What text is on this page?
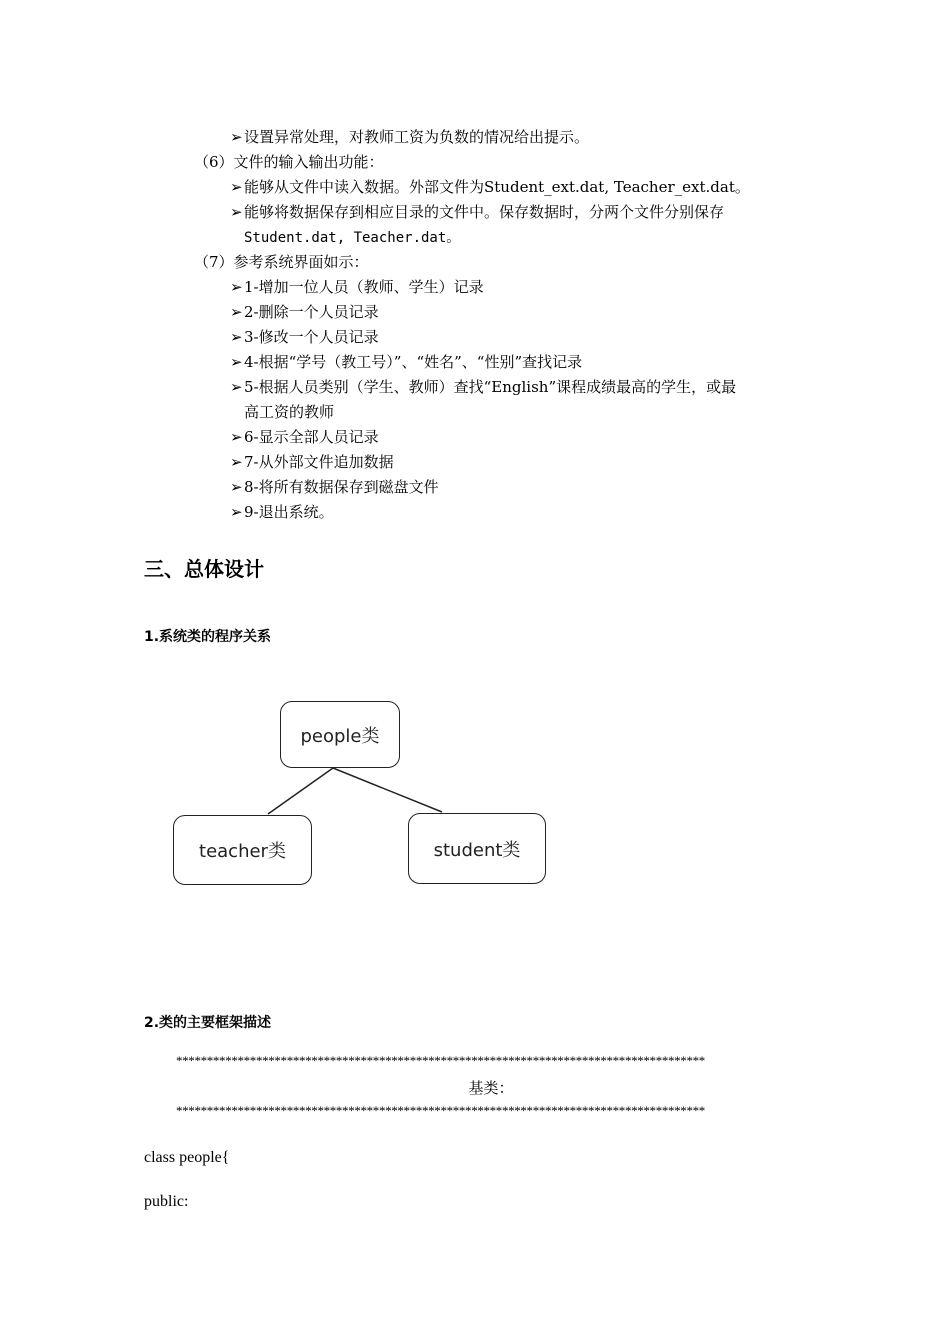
➢设置异常处理，对教师工资为负数的情况给出提示。
（6）文件的输入输出功能：
➢能够从文件中读入数据。外部文件为Student_ext.dat, Teacher_ext.dat。
➢能够将数据保存到相应目录的文件中。保存数据时，分两个文件分别保存
Student.dat, Teacher.dat。
（7）参考系统界面如示：
➢1-增加一位人员（教师、学生）记录
➢2-删除一个人员记录
➢3-修改一个人员记录
➢4-根据“学号（教工号）”、“姓名”、“性别”查找记录
➢5-根据人员类别（学生、教师）查找“English”课程成绩最高的学生，或最
高工资的教师
➢6-显示全部人员记录
➢7-从外部文件追加数据
➢8-将所有数据保存到磁盘文件
➢9-退出系统。
三、总体设计
1.系统类的程序关系
people类
teacher类	student类
2.类的主要框架描述
**************************************************************************************
基类：
**************************************************************************************
class people{
public:
